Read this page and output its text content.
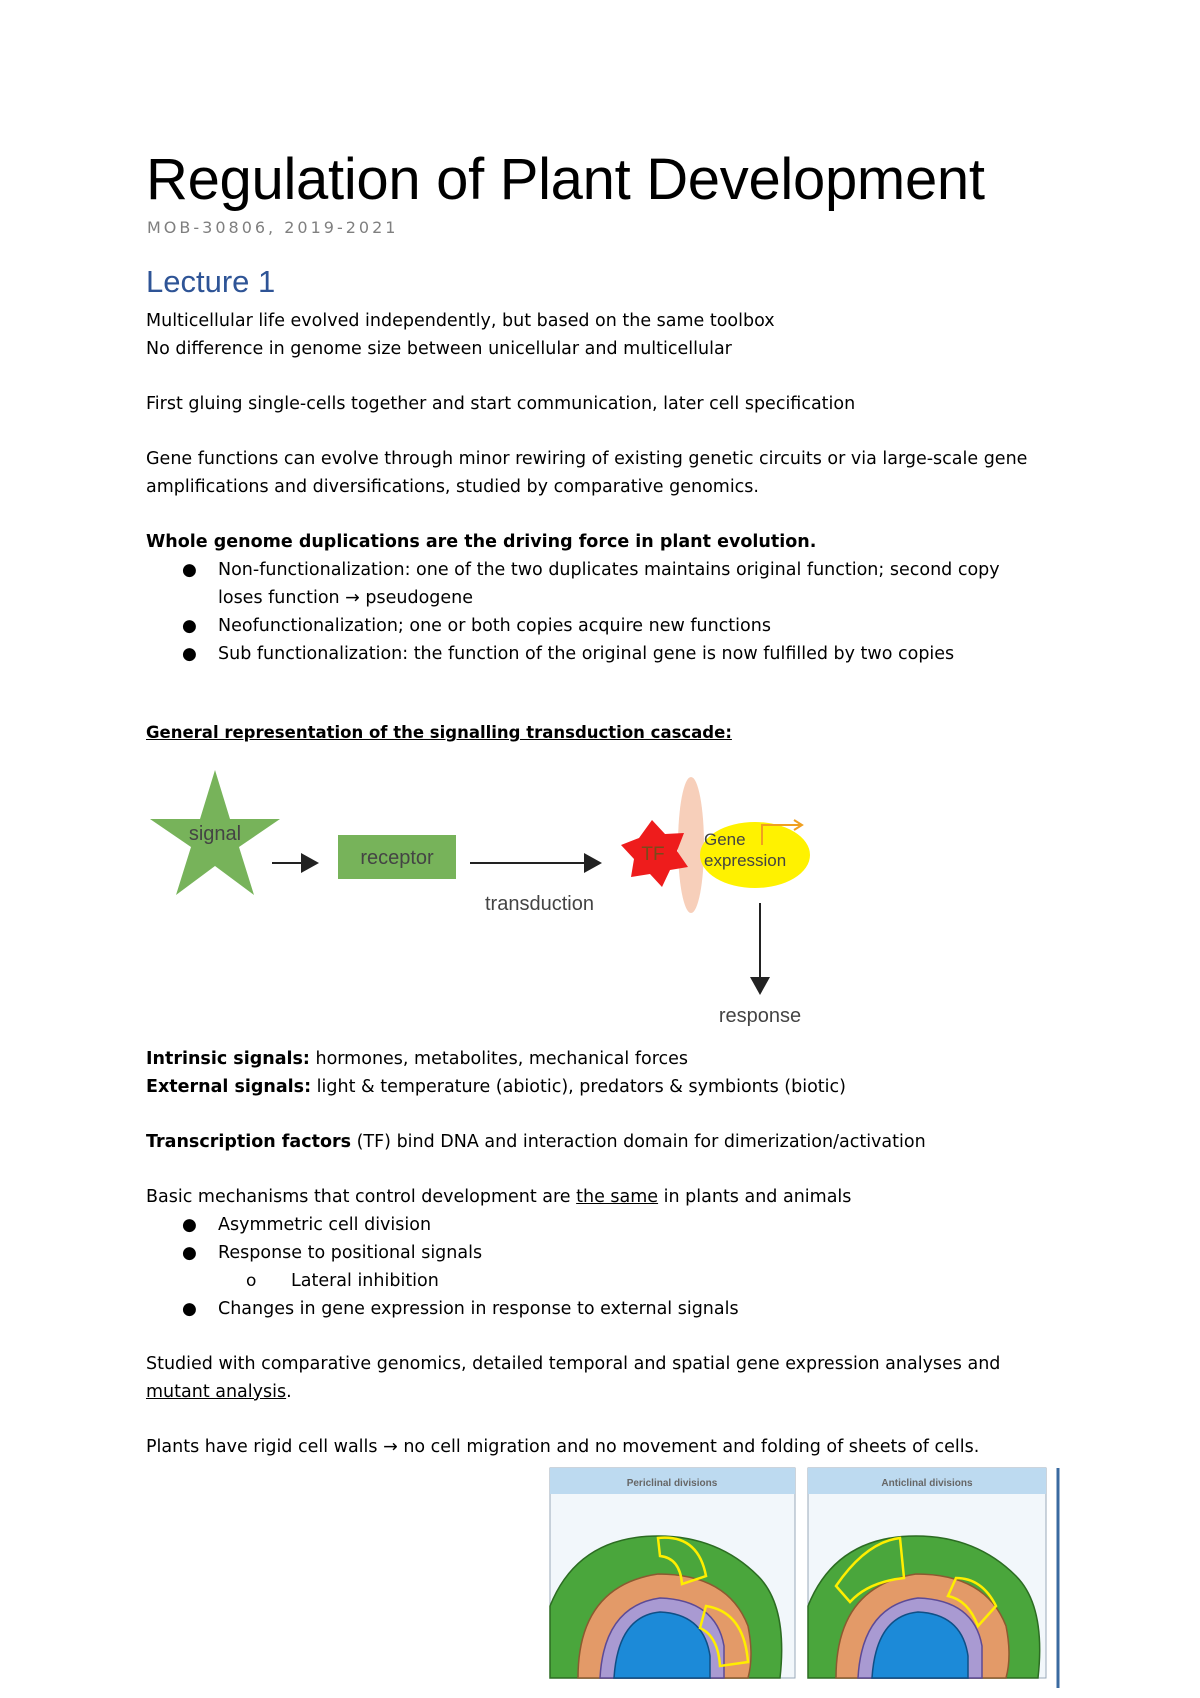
Regulation of Plant Development
MOB-30806, 2019-2021
Lecture 1
Multicellular life evolved independently, but based on the same toolbox
No difference in genome size between unicellular and multicellular
First gluing single-cells together and start communication, later cell specification
Gene functions can evolve through minor rewiring of existing genetic circuits or via large-scale gene
amplifications and diversifications, studied by comparative genomics.
Whole genome duplications are the driving force in plant evolution.
● Non-functionalization: one of the two duplicates maintains original function; second copy
loses function → pseudogene
● Neofunctionalization; one or both copies acquire new functions
● Sub functionalization: the function of the original gene is now fulfilled by two copies
General representation of the signalling transduction cascade:
signal
receptor
transduction
TF
Gene
expression
response
Intrinsic signals: hormones, metabolites, mechanical forces
External signals: light & temperature (abiotic), predators & symbionts (biotic)
Transcription factors (TF) bind DNA and interaction domain for dimerization/activation
Basic mechanisms that control development are the same in plants and animals
● Asymmetric cell division
● Response to positional signals
o Lateral inhibition
● Changes in gene expression in response to external signals
Studied with comparative genomics, detailed temporal and spatial gene expression analyses and
mutant analysis.
Plants have rigid cell walls → no cell migration and no movement and folding of sheets of cells.
Periclinal divisions	Anticlinal divisions
